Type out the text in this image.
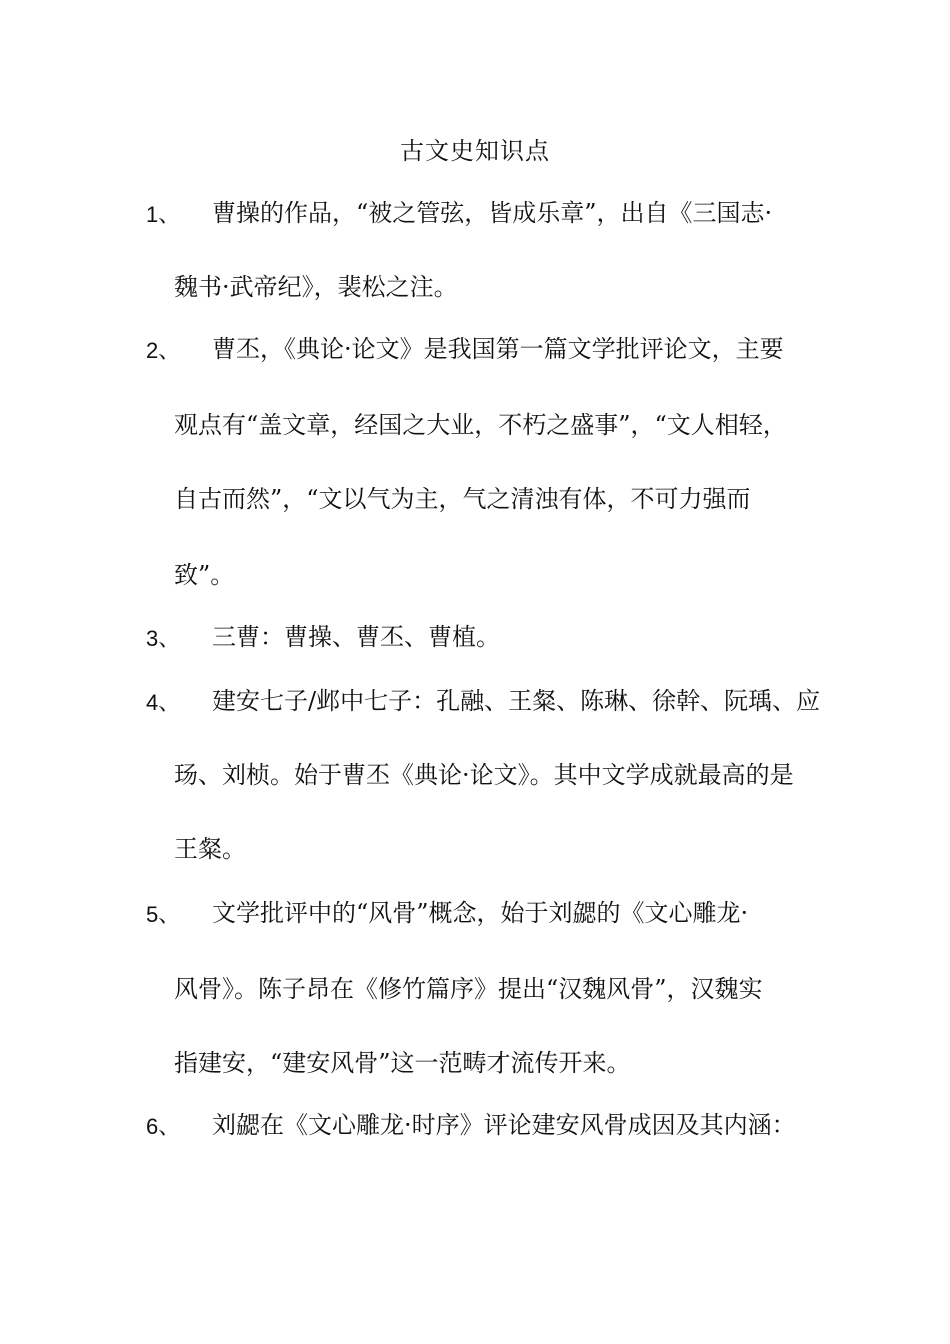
古文史知识点
1、 曹操的作品，“被之管弦，皆成乐章”，出自《三国志·
魏书·武帝纪》，裴松之注。
2、 曹丕，《典论·论文》是我国第一篇文学批评论文，主要
观点有“盖文章，经国之大业，不朽之盛事”，“文人相轻，
自古而然”，“文以气为主，气之清浊有体，不可力强而
致”。
3、 三曹：曹操、曹丕、曹植。
4、 建安七子/邺中七子：孔融、王粲、陈琳、徐幹、阮瑀、应
玚、刘桢。始于曹丕《典论·论文》。其中文学成就最高的是
王粲。
5、 文学批评中的“风骨”概念，始于刘勰的《文心雕龙·
风骨》。陈子昂在《修竹篇序》提出“汉魏风骨”，汉魏实
指建安，“建安风骨”这一范畴才流传开来。
6、 刘勰在《文心雕龙·时序》评论建安风骨成因及其内涵：
